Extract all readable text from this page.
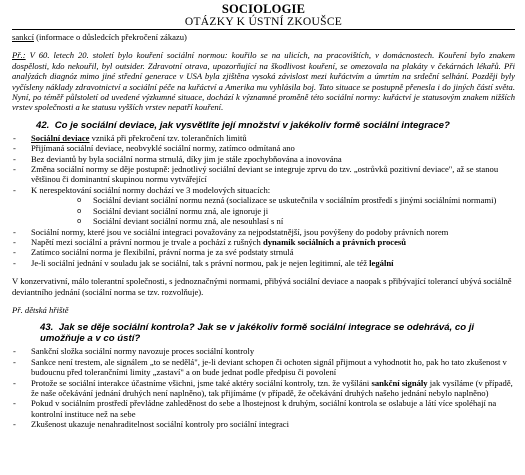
SOCIOLOGIE
OTÁZKY K ÚSTNÍ ZKOUŠCE

sankcí (informace o důsledcích překročení zákazu)

Př.: V 60. letech 20. století bylo kouření sociální normou: kouřilo se na ulicích, na pracovištích, v domácnostech. Kouření bylo znakem dospělosti, kdo nekouřil, byl outsider. Zdravotní otrava, upozorňující na škodlivost kouření, se omezovala na plakáty v čekárnách lékařů. Při analýzách diagnóz mimo jiné střední generace v USA byla zjištěna vysoká závislost mezi kuřáctvím a úmrtím na srdeční selhání. Později byly vyčísleny náklady zdravotnictví a sociální péče na kuřáctví a Amerika mu vyhlásila boj. Tato situace se postupně přenesla i do jiných částí světa. Nyní, po téměř půlstoletí od uvedené výzkumné situace, dochází k významné proměně této sociální normy: kuřáctví je statusovým znakem nižších vrstev společnosti a ke statusu vyšších vrstev nepatří kouření.

42. Co je sociální deviace, jak vysvětlíte její množství v jakékoliv formě sociální integrace?
- Sociální deviace vzniká při překročení tzv. tolerančních limitů
- Přijímaná sociální deviace, neobvyklé sociální normy, zatímco odmítaná ano
- Bez deviantů by byla sociální norma strnulá, díky jim je stále zpochybňována a inovována
- Změna sociální normy se děje postupně: jednotlivý sociální deviant se integruje zprvu do tzv. „ostrůvků pozitivní deviace", až se stanou většinou či dominantní skupinou normu vytvářející
- K nerespektování sociální normy dochází ve 3 modelových situacích:
o Sociální deviant sociální normu nezná (socializace se uskutečnila v sociálním prostředí s jinými sociálními normami)
o Sociální deviant sociální normu zná, ale ignoruje ji
o Sociální deviant sociální normu zná, ale nesouhlasí s ní
- Sociální normy, které jsou ve sociální integraci považovány za nejpodstatnější, jsou povýšeny do podoby právních norem
- Napětí mezi sociální a právní normou je trvale a pochází z rušných dynamik sociálních a právních procesů
- Zatímco sociální norma je flexibilní, právní norma je za své podstaty strnulá
- Je-li sociální jednání v souladu jak se sociální, tak s právní normou, pak je nejen legitimní, ale též legální

V konzervativní, málo tolerantní společnosti, s jednoznačnými normami, přibývá sociální deviace a naopak s přibývající tolerancí ubývá sociálně deviantního jednání (sociální norma se tzv. rozvolňuje).

Př. dětská hřiště

43. Jak se děje sociální kontrola? Jak se v jakékoliv formě sociální integrace se odehrává, co ji umožňuje a v co ústí?
- Sankční složka sociální normy navozuje proces sociální kontroly
- Sankce není trestem, ale signálem „to se nedělá", je-li deviant schopen či ochoten signál přijmout a vyhodnotit ho, pak ho tato zkušenost v budoucnu před tolerančními limity „zastaví" a on bude jednat podle předpisu či povolení
- Protože se sociální interakce účastníme všichni, jsme také aktéry sociální kontroly, tzn. že vyšíláni sankční signály jak vysíláme (v případě, že naše očekávání jednání druhých není naplněno), tak přijímáme (v případě, že očekávání druhých našeho jednání nebylo naplněno)
- Pokud v sociálním prostředí převládne zahleděnost do sebe a lhostejnost k druhým, sociální kontrola se oslabuje a látí více spoléhají na kontrolní instituce než na sebe
- Zkušenost ukazuje nenahraditelnost sociální kontroly pro sociální integraci
